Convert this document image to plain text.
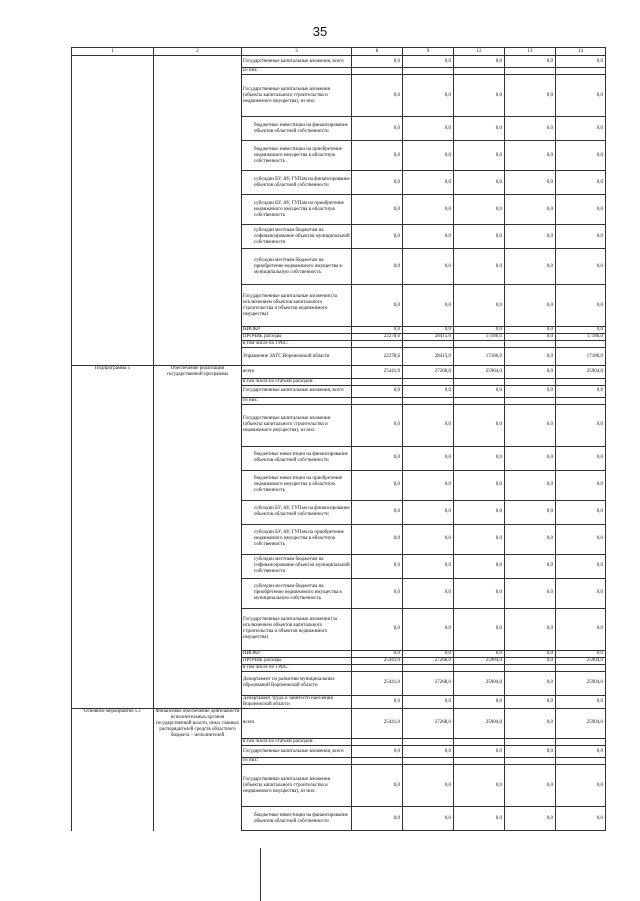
35
1	2	3	8	9	12	13	14
		Государственные капитальные вложения, всего	0,0	0,0	0,0	0,0	0,0
		из них:					
		Государственные капитальные вложения (объекты капитального строительства и недвижимого имущества), из них:	0,0	0,0	0,0	0,0	0,0
		бюджетные инвестиции на финансирование объектов областной собственности	0,0	0,0	0,0	0,0	0,0
		бюджетные инвестиции на приобретение недвижимого имущества в областную собственность	0,0	0,0	0,0	0,0	0,0
		субсидии БУ, АУ, ГУПам на финансирование объектов областной собственности	0,0	0,0	0,0	0,0	0,0
		субсидии БУ, АУ, ГУПам на приобретение недвижимого имущества в областную собственность	0,0	0,0	0,0	0,0	0,0
		субсидии местным бюджетам на софинансирование объектов муниципальной собственности	0,0	0,0	0,0	0,0	0,0
		субсидии местным бюджетам на приобретение недвижимого имущества в муниципальную собственность	0,0	0,0	0,0	0,0	0,0
		Государственные капитальные вложения (за исключением объектов капитального строительства и объектов недвижимого имущества)	0,0	0,0	0,0	0,0	0,0
		НИОКР	0,0	0,0	0,0	0,0	0,0
		ПРОЧИЕ расходы	22278,6	28415,0	17186,0	0,0	17186,0
		в том числе по ГРБС:					
		Управление ЗАГС Воронежской области	22278,6	28415,0	17186,0	0,0	17186,0
Подпрограмма 5	Обеспечение реализации государственной программы	всего	25441,0	27268,0	25904,0	0,0	25904,0
		в том числе по статьям расходов:					
		Государственные капитальные вложения, всего	0,0	0,0	0,0	0,0	0,0
		из них:					
		Государственные капитальные вложения (объекты капитального строительства и недвижимого имущества), из них:	0,0	0,0	0,0	0,0	0,0
		бюджетные инвестиции на финансирование объектов областной собственности	0,0	0,0	0,0	0,0	0,0
		бюджетные инвестиции на приобретение недвижимого имущества в областную собственность	0,0	0,0	0,0	0,0	0,0
		субсидии БУ, АУ, ГУПам на финансирование объектов областной собственности	0,0	0,0	0,0	0,0	0,0
		субсидии БУ, АУ, ГУПам на приобретение недвижимого имущества в областную собственность	0,0	0,0	0,0	0,0	0,0
		субсидии местным бюджетам на софинансирование объектов муниципальной собственности	0,0	0,0	0,0	0,0	0,0
		субсидии местным бюджетам на приобретение недвижимого имущества в муниципальную собственность	0,0	0,0	0,0	0,0	0,0
		Государственные капитальные вложения (за исключением объектов капитального строительства и объектов недвижимого имущества)	0,0	0,0	0,0	0,0	0,0
		НИОКР	0,0	0,0	0,0	0,0	0,0
		ПРОЧИЕ расходы	25441,0	27268,0	25904,0	0,0	25904,0
		в том числе по ГРБС:					
		Департамент по развитию муниципальных образований Воронежской области	25441,0	27268,0	25904,0	0,0	25904,0
		Департамент труда и занятости населения Воронежской области	0,0	0,0	0,0	0,0	0,0
Основное мероприятие 5.1	Финансовое обеспечение деятельности исполнительных органов государственной власти, иных главных распорядителей средств областного бюджета – исполнителей	всего	25441,0	27268,0	25904,0	0,0	25904,0
		в том числе по статьям расходов:					
		Государственные капитальные вложения, всего	0,0	0,0	0,0	0,0	0,0
		из них:					
		Государственные капитальные вложения (объекты капитального строительства и недвижимого имущества), из них:	0,0	0,0	0,0	0,0	0,0
		бюджетные инвестиции на финансирование объектов областной собственности	0,0	0,0	0,0	0,0	0,0
